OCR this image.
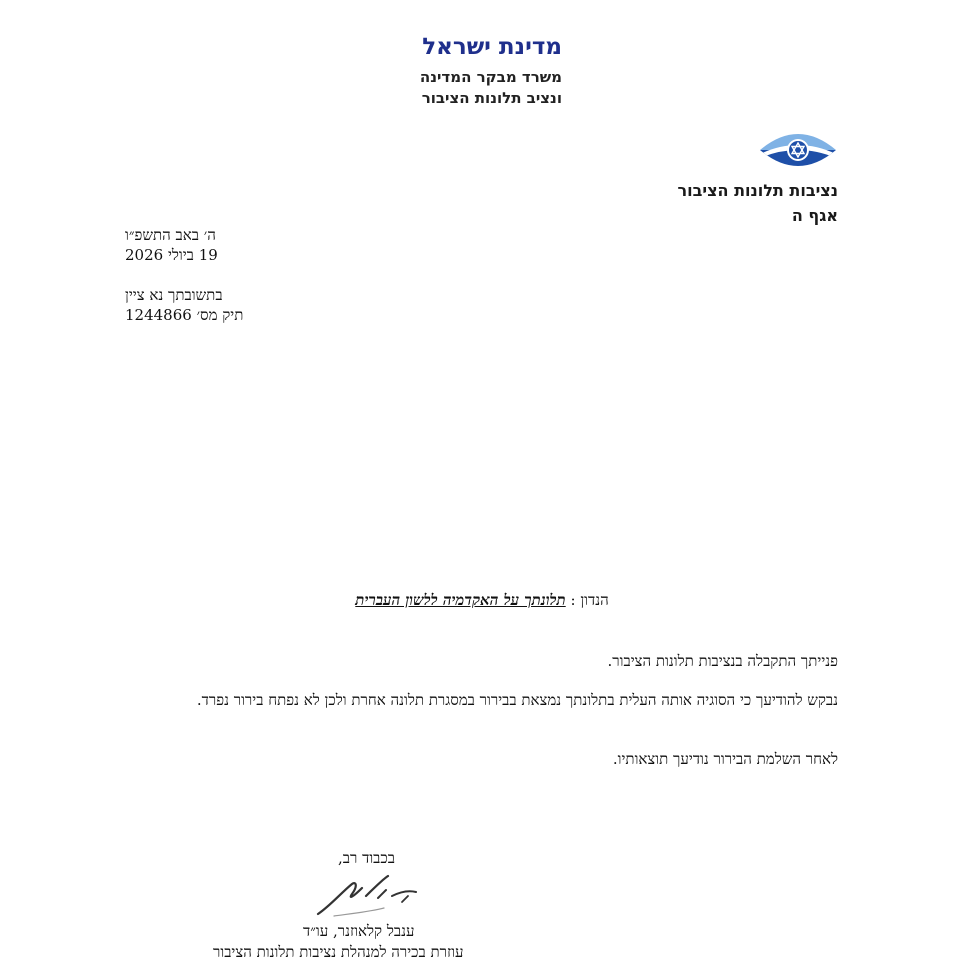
מדינת ישראל
משרד מבקר המדינה
ונציב תלונות הציבור
נציבות תלונות הציבור
אגף ה
ה׳ באב התשפ״ו
19 ביולי 2026
בתשובתך נא ציין
תיק מס׳ 1244866
הנדון : תלונתך על האקדמיה ללשון העברית
פנייתך התקבלה בנציבות תלונות הציבור.
נבקש להודיעך כי הסוגיה אותה העלית בתלונתך נמצאת בבירור במסגרת תלונה אחרת ולכן לא נפתח בירור נפרד.
לאחר השלמת הבירור נודיעך תוצאותיו.
בכבוד רב,
ענבל קלאוזנר, עו״ד
עוזרת בכירה למנהלת נציבות תלונות הציבור
